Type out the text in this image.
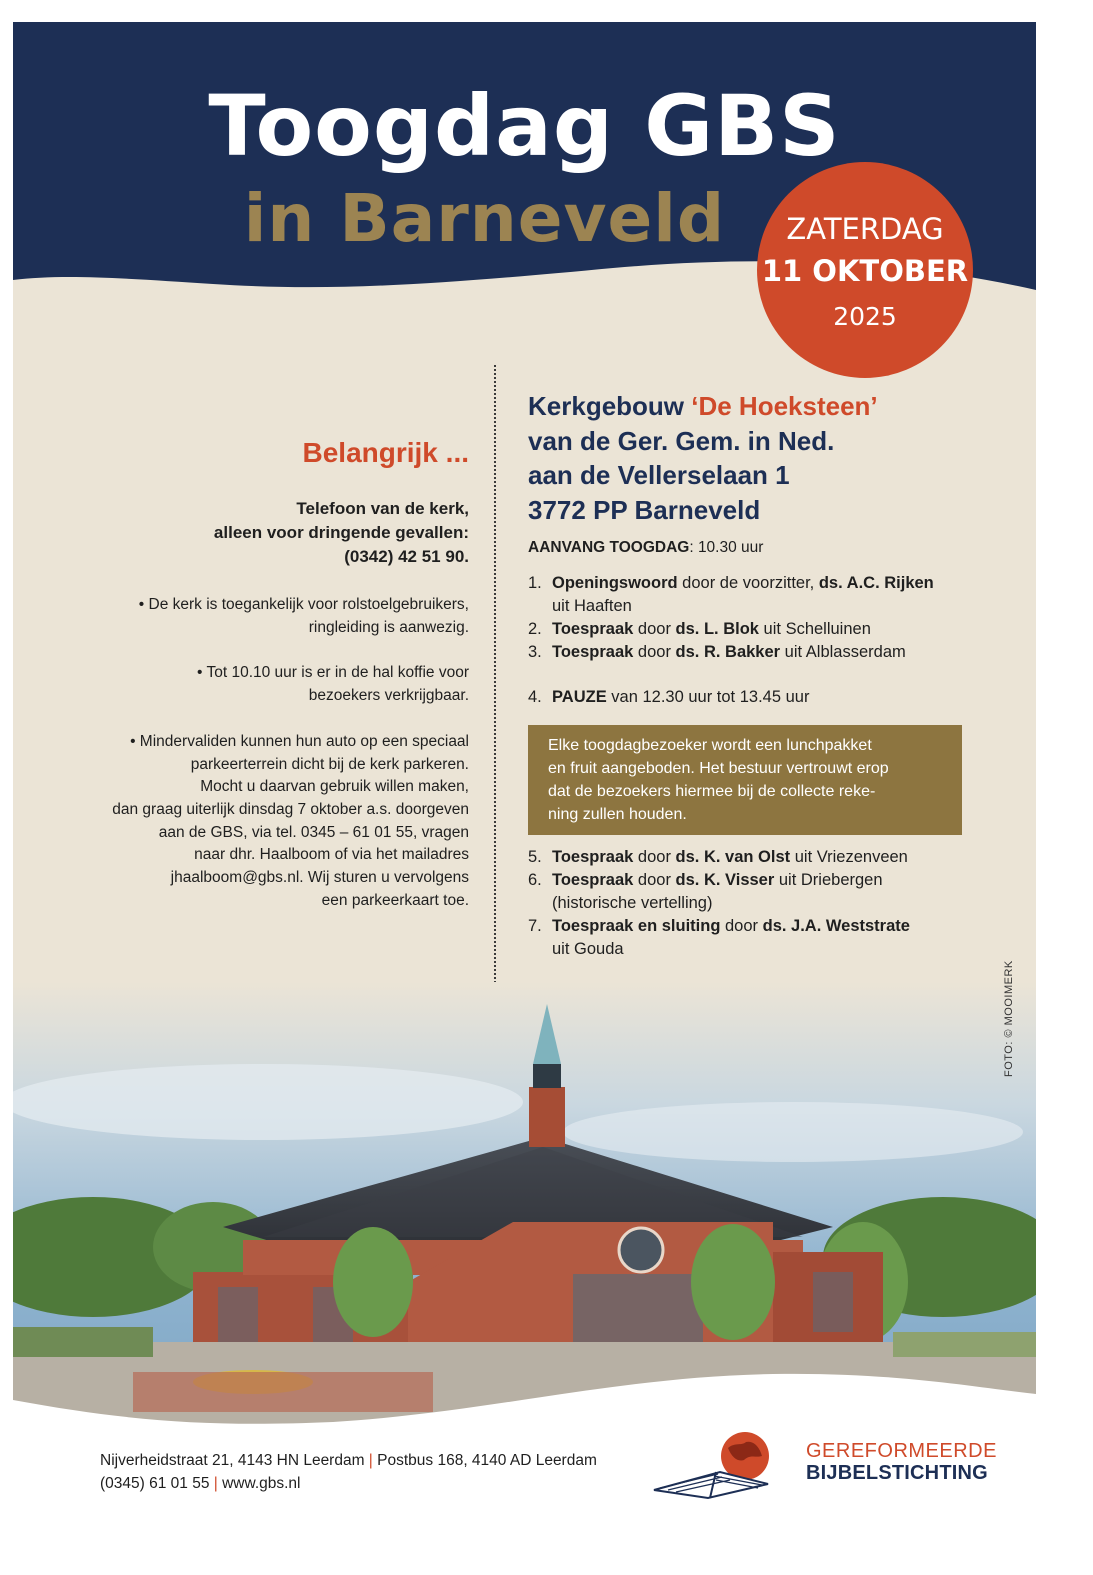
Toogdag GBS
in Barneveld	ZATERDAG
11 OKTOBER
2025
Belangrijk ...
Telefoon van de kerk,
alleen voor dringende gevallen:
(0342) 42 51 90.

• De kerk is toegankelijk voor rolstoelgebruikers,
ringleiding is aanwezig.

• Tot 10.10 uur is er in de hal koffie voor
bezoekers verkrijgbaar.

• Mindervaliden kunnen hun auto op een speciaal
parkeerterrein dicht bij de kerk parkeren.
Mocht u daarvan gebruik willen maken,
dan graag uiterlijk dinsdag 7 oktober a.s. doorgeven
aan de GBS, via tel. 0345 – 61 01 55, vragen
naar dhr. Haalboom of via het mailadres
jhaalboom@gbs.nl. Wij sturen u vervolgens
een parkeerkaart toe.

Kerkgebouw ‘De Hoeksteen’
van de Ger. Gem. in Ned.
aan de Vellerselaan 1
3772 PP Barneveld
AANVANG TOOGDAG: 10.30 uur
1. Openingswoord door de voorzitter, ds. A.C. Rijken
uit Haaften
2. Toespraak door ds. L. Blok uit Schelluinen
3. Toespraak door ds. R. Bakker uit Alblasserdam
4. PAUZE van 12.30 uur tot 13.45 uur
Elke toogdagbezoeker wordt een lunchpakket
en fruit aangeboden. Het bestuur vertrouwt erop
dat de bezoekers hiermee bij de collecte reke-
ning zullen houden.
5. Toespraak door ds. K. van Olst uit Vriezenveen
6. Toespraak door ds. K. Visser uit Driebergen
(historische vertelling)
7. Toespraak en sluiting door ds. J.A. Weststrate
uit Gouda
FOTO: © MOOIMERK
Nijverheidstraat 21, 4143 HN Leerdam | Postbus 168, 4140 AD Leerdam
(0345) 61 01 55 | www.gbs.nl
GEREFORMEERDE
BIJBELSTICHTING
